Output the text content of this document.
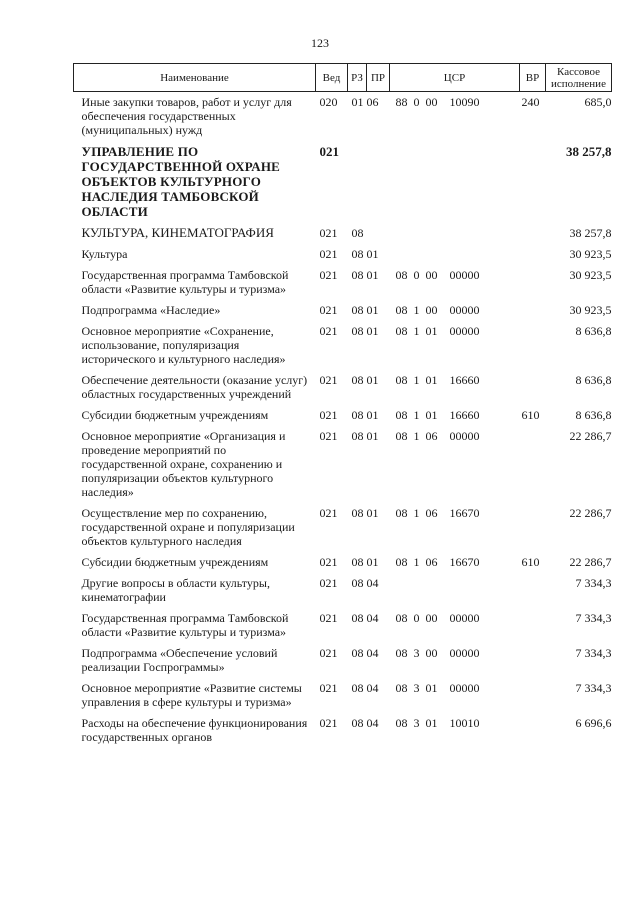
123
Наименование	Вед	РЗ	ПР	ЦСР	ВР	Кассовое исполнение
Иные закупки товаров, работ и услуг для обеспечения государственных (муниципальных) нужд	020	01 06		88  0  00    10090	240	685,0
УПРАВЛЕНИЕ ПО ГОСУДАРСТВЕННОЙ ОХРАНЕ ОБЪЕКТОВ КУЛЬТУРНОГО НАСЛЕДИЯ ТАМБОВСКОЙ ОБЛАСТИ	021					38 257,8
КУЛЬТУРА, КИНЕМАТОГРАФИЯ	021	08				38 257,8
Культура	021	08 01				30 923,5
Государственная программа Тамбовской области «Развитие культуры и туризма»	021	08 01		08  0  00    00000		30 923,5
Подпрограмма «Наследие»	021	08 01		08  1  00    00000		30 923,5
Основное мероприятие «Сохранение, использование, популяризация исторического и культурного наследия»	021	08 01		08  1  01    00000		8 636,8
Обеспечение деятельности (оказание услуг) областных государственных учреждений	021	08 01		08  1  01    16660		8 636,8
Субсидии бюджетным учреждениям	021	08 01		08  1  01    16660	610	8 636,8
Основное мероприятие «Организация и проведение мероприятий по государственной охране, сохранению и популяризации объектов культурного наследия»	021	08 01		08  1  06    00000		22 286,7
Осуществление мер по сохранению, государственной охране и популяризации объектов культурного наследия	021	08 01		08  1  06    16670		22 286,7
Субсидии бюджетным учреждениям	021	08 01		08  1  06    16670	610	22 286,7
Другие вопросы в области культуры, кинематографии	021	08 04				7 334,3
Государственная программа Тамбовской области «Развитие культуры и туризма»	021	08 04		08  0  00    00000		7 334,3
Подпрограмма «Обеспечение условий реализации Госпрограммы»	021	08 04		08  3  00    00000		7 334,3
Основное мероприятие «Развитие системы управления в сфере культуры и туризма»	021	08 04		08  3  01    00000		7 334,3
Расходы на обеспечение функционирования государственных органов	021	08 04		08  3  01    10010		6 696,6
